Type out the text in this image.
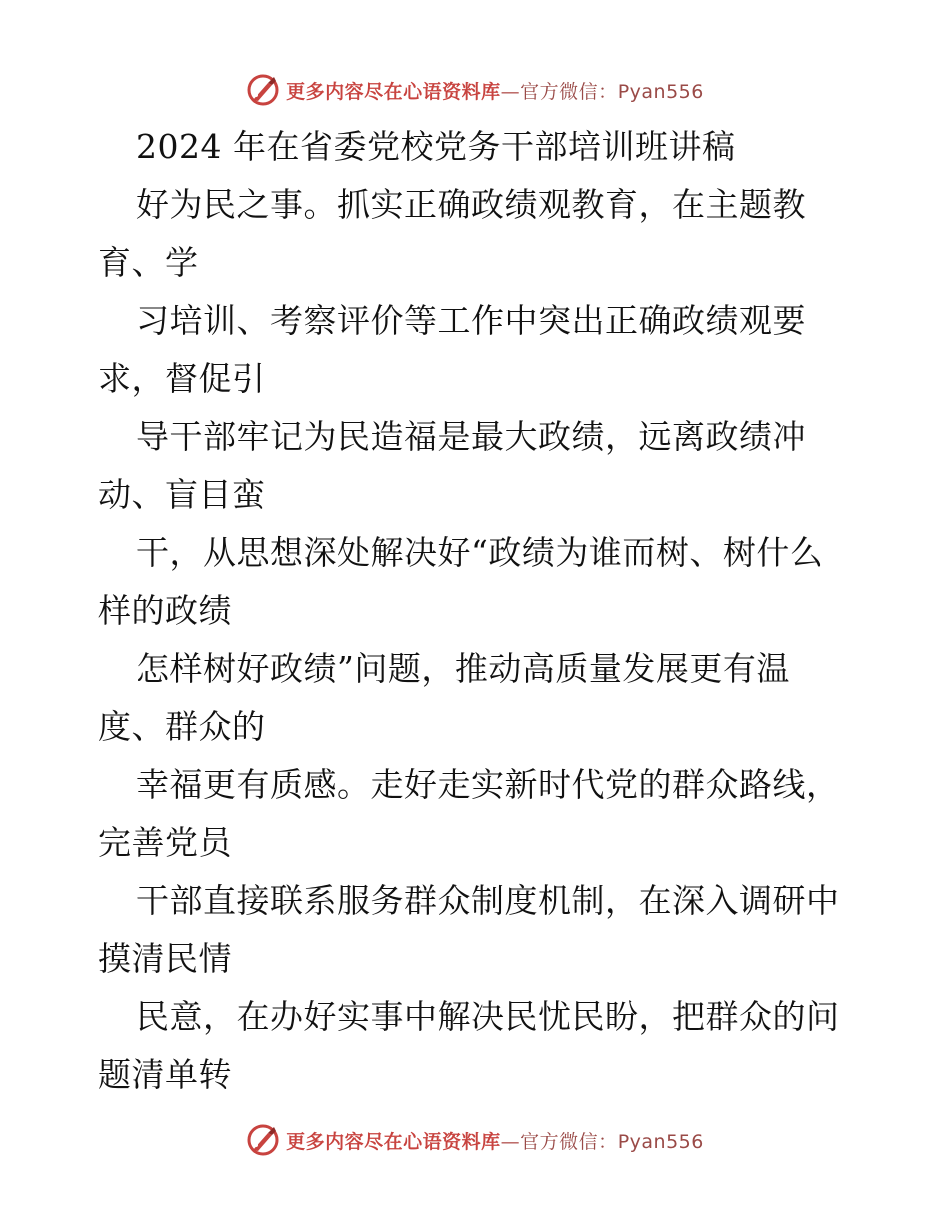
更多内容尽在心语资料库—官方微信：Pyan556
2024 年在省委党校党务干部培训班讲稿
好为民之事。抓实正确政绩观教育，在主题教
育、学
习培训、考察评价等工作中突出正确政绩观要
求，督促引
导干部牢记为民造福是最大政绩，远离政绩冲
动、盲目蛮
干，从思想深处解决好“政绩为谁而树、树什么
样的政绩
怎样树好政绩”问题，推动高质量发展更有温
度、群众的
幸福更有质感。走好走实新时代党的群众路线，
完善党员
干部直接联系服务群众制度机制，在深入调研中
摸清民情
民意，在办好实事中解决民忧民盼，把群众的问
题清单转
更多内容尽在心语资料库—官方微信：Pyan556
